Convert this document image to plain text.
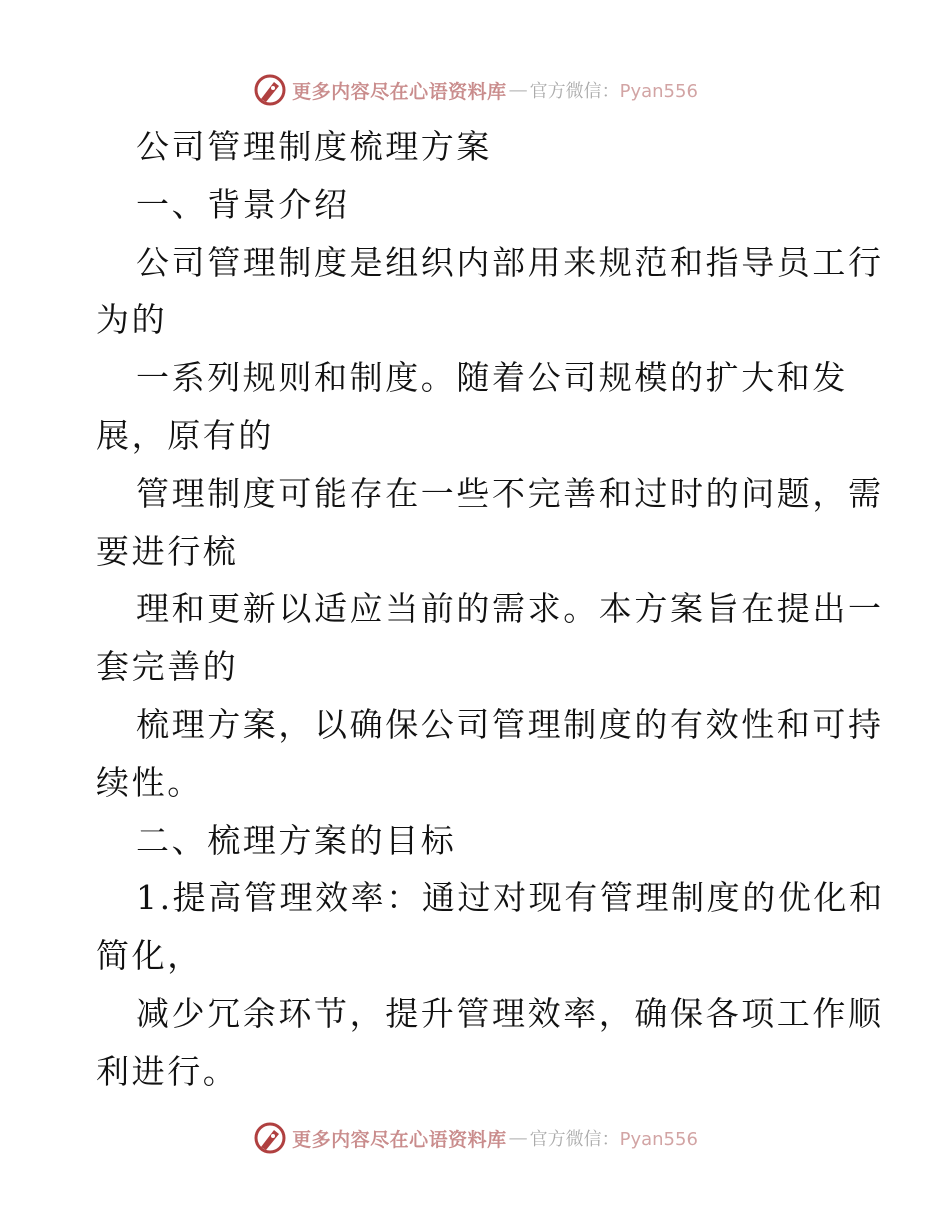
更多内容尽在心语资料库 — 官方微信：Pyan556

公司管理制度梳理方案

一、背景介绍

公司管理制度是组织内部用来规范和指导员工行

为的

一系列规则和制度。随着公司规模的扩大和发

展，原有的

管理制度可能存在一些不完善和过时的问题，需

要进行梳

理和更新以适应当前的需求。本方案旨在提出一

套完善的

梳理方案，以确保公司管理制度的有效性和可持

续性。

二、梳理方案的目标

1.提高管理效率：通过对现有管理制度的优化和

简化，

减少冗余环节，提升管理效率，确保各项工作顺

利进行。

更多内容尽在心语资料库 — 官方微信：Pyan556
